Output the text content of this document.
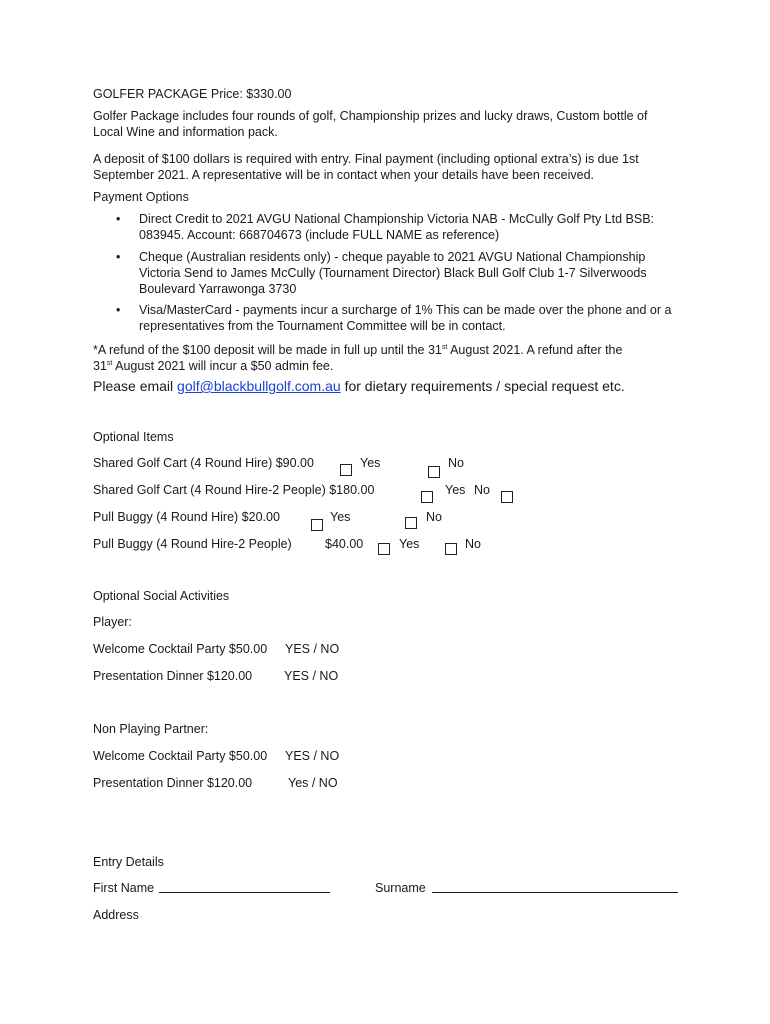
GOLFER PACKAGE Price: $330.00
Golfer Package includes four rounds of golf, Championship prizes and lucky draws, Custom bottle of Local Wine and information pack.
A deposit of $100 dollars is required with entry. Final payment (including optional extra’s) is due 1st September 2021. A representative will be in contact when your details have been received.
Payment Options
• Direct Credit to 2021 AVGU National Championship Victoria NAB - McCully Golf Pty Ltd BSB: 083945. Account: 668704673 (include FULL NAME as reference)
• Cheque (Australian residents only) - cheque payable to 2021 AVGU National Championship Victoria Send to James McCully (Tournament Director) Black Bull Golf Club 1-7 Silverwoods Boulevard Yarrawonga 3730
• Visa/MasterCard - payments incur a surcharge of 1% This can be made over the phone and or a representatives from the Tournament Committee will be in contact.
*A refund of the $100 deposit will be made in full up until the 31st August 2021. A refund after the
31st August 2021 will incur a $50 admin fee.
Please email golf@blackbullgolf.com.au for dietary requirements / special request etc.
Optional Items
Shared Golf Cart (4 Round Hire) $90.00	Yes	No
Shared Golf Cart (4 Round Hire-2 People) $180.00	Yes No
Pull Buggy (4 Round Hire) $20.00	Yes	No
Pull Buggy (4 Round Hire-2 People)	$40.00	Yes	No
Optional Social Activities
Player:
Welcome Cocktail Party $50.00 YES / NO
Presentation Dinner $120.00	YES / NO
Non Playing Partner:
Welcome Cocktail Party $50.00 YES / NO
Presentation Dinner $120.00	Yes / NO
Entry Details
First Name	Surname
Address
